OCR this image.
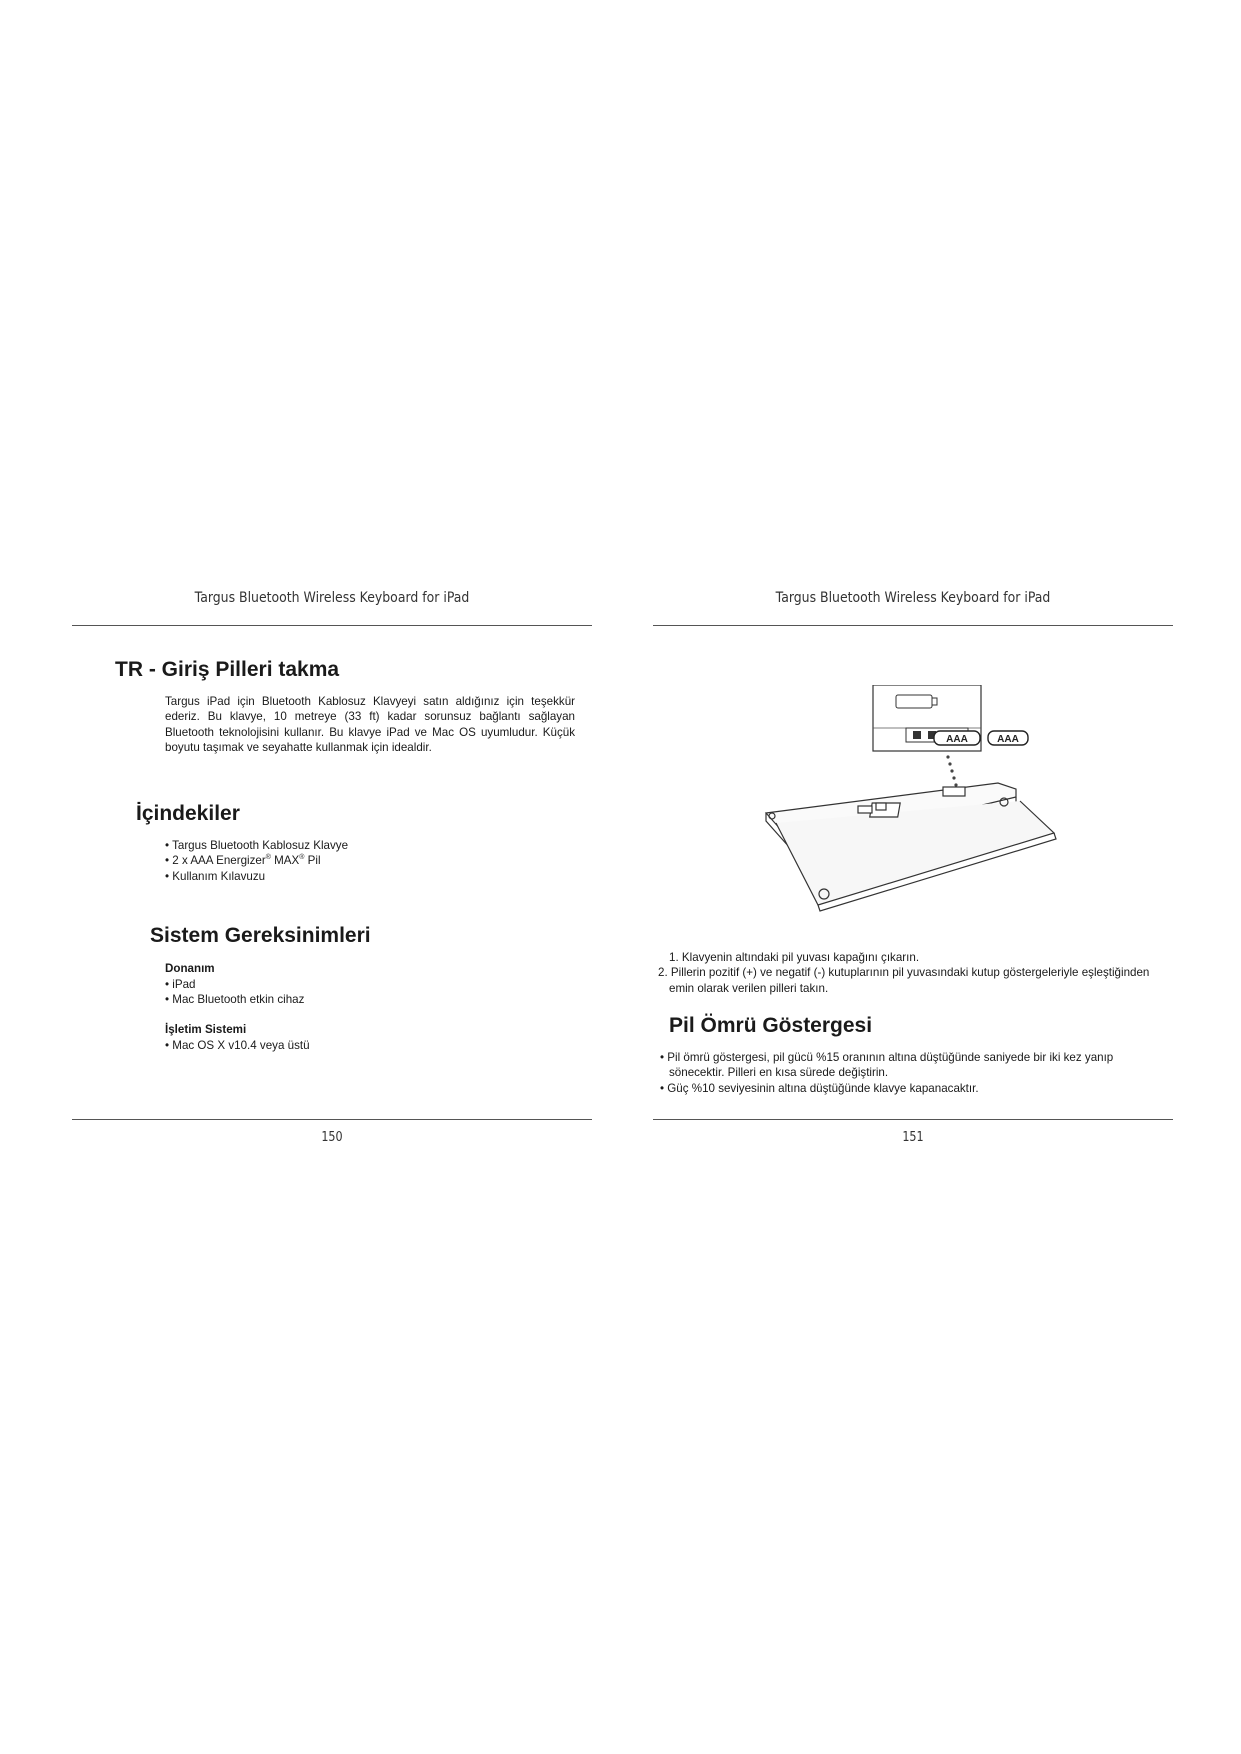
Targus Bluetooth Wireless Keyboard for iPad
TR - Giriş Pilleri takma

Targus iPad için Bluetooth Kablosuz Klavyeyi satın aldığınız için teşekkür ederiz. Bu klavye, 10 metreye (33 ft) kadar sorunsuz bağlantı sağlayan Bluetooth teknolojisini kullanır. Bu klavye iPad ve Mac OS uyumludur. Küçük boyutu taşımak ve seyahatte kullanmak için idealdir.

İçindekiler
• Targus Bluetooth Kablosuz Klavye
• 2 x AAA Energizer® MAX® Pil
• Kullanım Kılavuzu
Sistem Gereksinimleri

Donanım

• iPad
• Mac Bluetooth etkin cihaz

İşletim Sistemi

• Mac OS X v10.4 veya üstü
150
Targus Bluetooth Wireless Keyboard for iPad
AAA	AAA
1. Klavyenin altındaki pil yuvası kapağını çıkarın.
2. Pillerin pozitif (+) ve negatif (-) kutuplarının pil yuvasındaki kutup göstergeleriyle eşleştiğinden emin olarak verilen pilleri takın.
Pil Ömrü Göstergesi
• Pil ömrü göstergesi, pil gücü %15 oranının altına düştüğünde saniyede bir iki kez yanıp sönecektir. Pilleri en kısa sürede değiştirin.
• Güç %10 seviyesinin altına düştüğünde klavye kapanacaktır.
151
